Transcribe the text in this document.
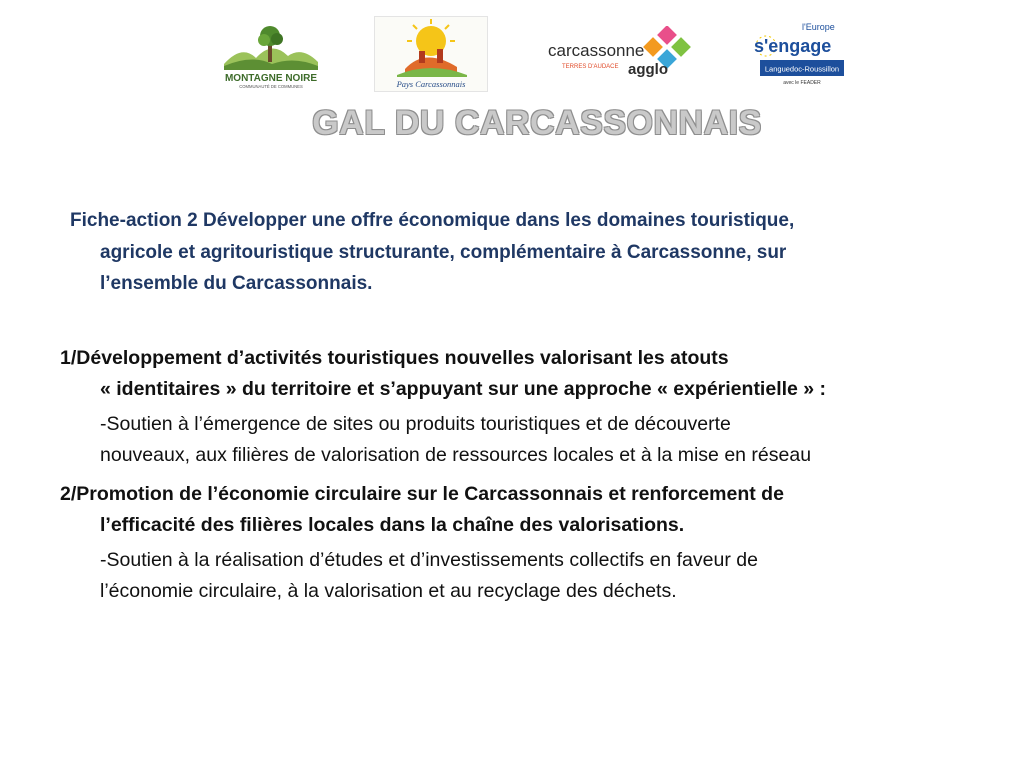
MONTAGNE NOIRE
COMMUNAUTÉ DE COMMUNES	Pays Carcassonnais
carcassonne
TERRES D'AUDACE agglo
l'Europe
s'engage
Languedoc-Roussillon
avec le FEADER
GAL DU CARCASSONNAIS
Fiche-action 2 Développer une offre économique dans les domaines touristique,
agricole et agritouristique structurante, complémentaire à Carcassonne, sur
l’ensemble du Carcassonnais.
1/Développement d’activités touristiques nouvelles valorisant les atouts
« identitaires » du territoire et s’appuyant sur une approche « expérientielle » :
-Soutien à l’émergence de sites ou produits touristiques et de découverte
nouveaux, aux filières de valorisation de ressources locales et à la mise en réseau
2/Promotion de l’économie circulaire sur le Carcassonnais et renforcement de
l’efficacité des filières locales dans la chaîne des valorisations.
-Soutien à la réalisation d’études et d’investissements collectifs en faveur de
l’économie circulaire, à la valorisation et au recyclage des déchets.
